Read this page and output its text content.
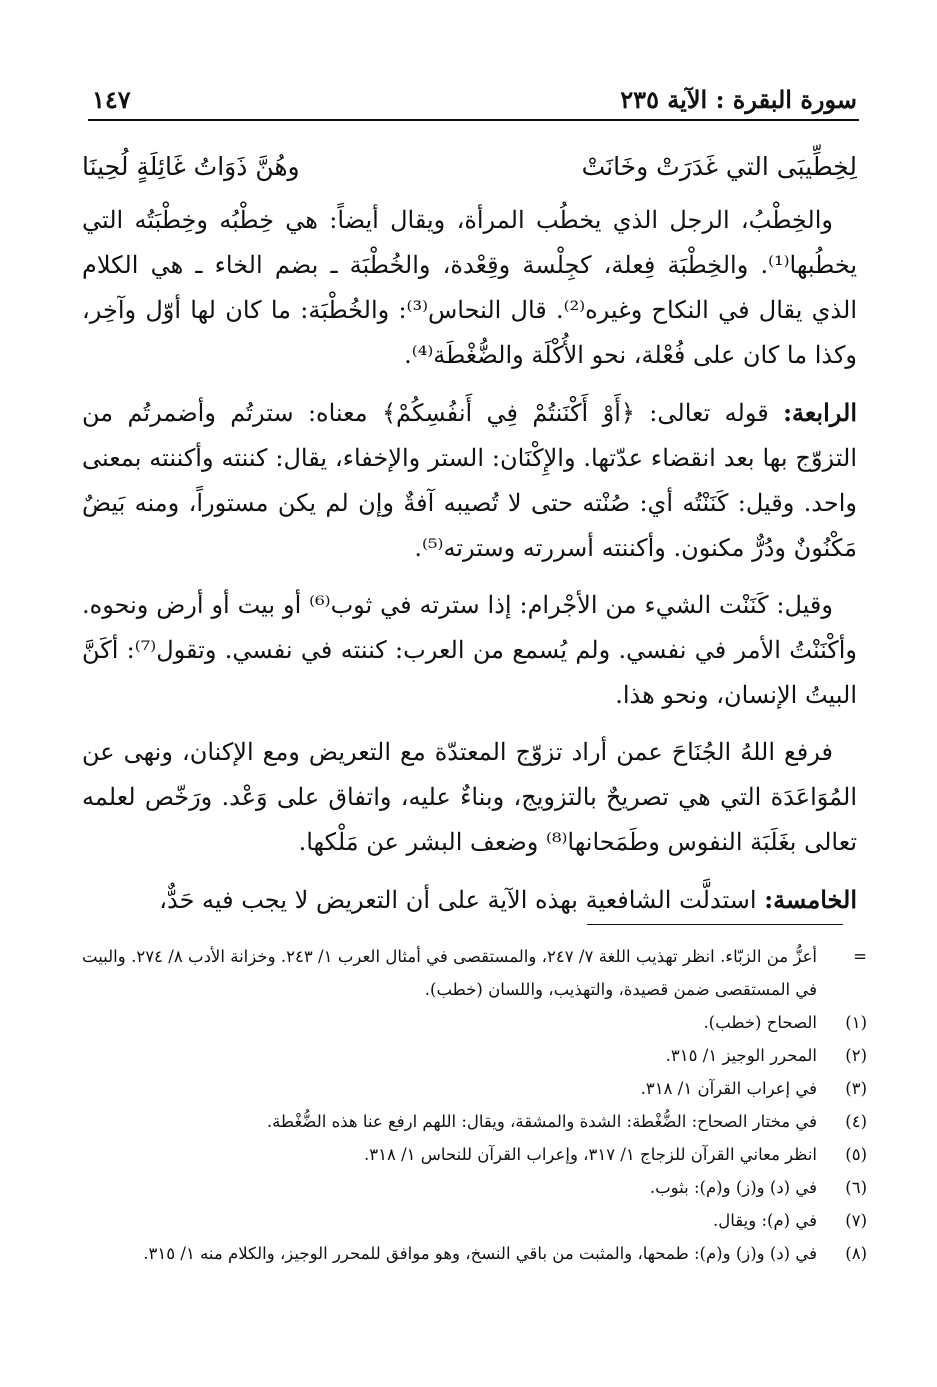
سورة البقرة : الآية ٢٣٥
١٤٧
لِخِطِّيبَى التي غَدَرَتْ وخَانَتْ
وهُنَّ ذَوَاتُ غَائِلَةٍ لُحِينَا

والخِطْبُ، الرجل الذي يخطُب المرأة، ويقال أيضاً: هي خِطْبُه وخِطْبَتُه التي يخطُبها⁽¹⁾. والخِطْبَة فِعلة، كجِلْسة وقِعْدة، والخُطْبَة ـ بضم الخاء ـ هي الكلام الذي يقال في النكاح وغيره⁽²⁾. قال النحاس⁽³⁾: والخُطْبَة: ما كان لها أوّل وآخِر، وكذا ما كان على فُعْلة، نحو الأُكْلَة والضُّغْطَة⁽⁴⁾.

الرابعة: قوله تعالى: ﴿أَوْ أَكْنَنتُمْ فِي أَنفُسِكُمْ﴾ معناه: سترتُم وأضمرتُم من التزوّج بها بعد انقضاء عدّتها. والإِكْنَان: الستر والإخفاء، يقال: كننته وأكننته بمعنى واحد. وقيل: كَنَنْتُه أي: صُنْته حتى لا تُصيبه آفةٌ وإن لم يكن مستوراً، ومنه بَيضٌ مَكْنُونٌ ودُرٌّ مكنون. وأكننته أسررته وسترته⁽⁵⁾.

وقيل: كَنَنْت الشيء من الأجْرام: إذا سترته في ثوب⁽⁶⁾ أو بيت أو أرض ونحوه. وأكْنَنْتُ الأمر في نفسي. ولم يُسمع من العرب: كننته في نفسي. وتقول⁽⁷⁾: أكَنَّ البيتُ الإنسان، ونحو هذا.

فرفع اللهُ الجُنَاحَ عمن أراد تزوّج المعتدّة مع التعريض ومع الإكنان، ونهى عن المُوَاعَدَة التي هي تصريحٌ بالتزويج، وبناءٌ عليه، واتفاق على وَعْد. ورَخّص لعلمه تعالى بغَلَبَة النفوس وطَمَحانها⁽⁸⁾ وضعف البشر عن مَلْكها.

الخامسة: استدلَّت الشافعية بهذه الآية على أن التعريض لا يجب فيه حَدٌّ،

=
أعزُّ من الزبّاء. انظر تهذيب اللغة ٧/ ٢٤٧، والمستقصى في أمثال العرب ١/ ٢٤٣. وخزانة الأدب ٨/ ٢٧٤. والبيت في المستقصى ضمن قصيدة، والتهذيب، واللسان (خطب).
(١)
الصحاح (خطب).
(٢)
المحرر الوجيز ١/ ٣١٥.
(٣)
في إعراب القرآن ١/ ٣١٨.
(٤)
في مختار الصحاح: الضُّغْطة: الشدة والمشقة، ويقال: اللهم ارفع عنا هذه الضُّغْطة.
(٥)
انظر معاني القرآن للزجاج ١/ ٣١٧، وإعراب القرآن للنحاس ١/ ٣١٨.
(٦)
في (د) و(ز) و(م): بثوب.
(٧)
في (م): ويقال.
(٨)
في (د) و(ز) و(م): طمحها، والمثبت من باقي النسخ، وهو موافق للمحرر الوجيز، والكلام منه ١/ ٣١٥.
